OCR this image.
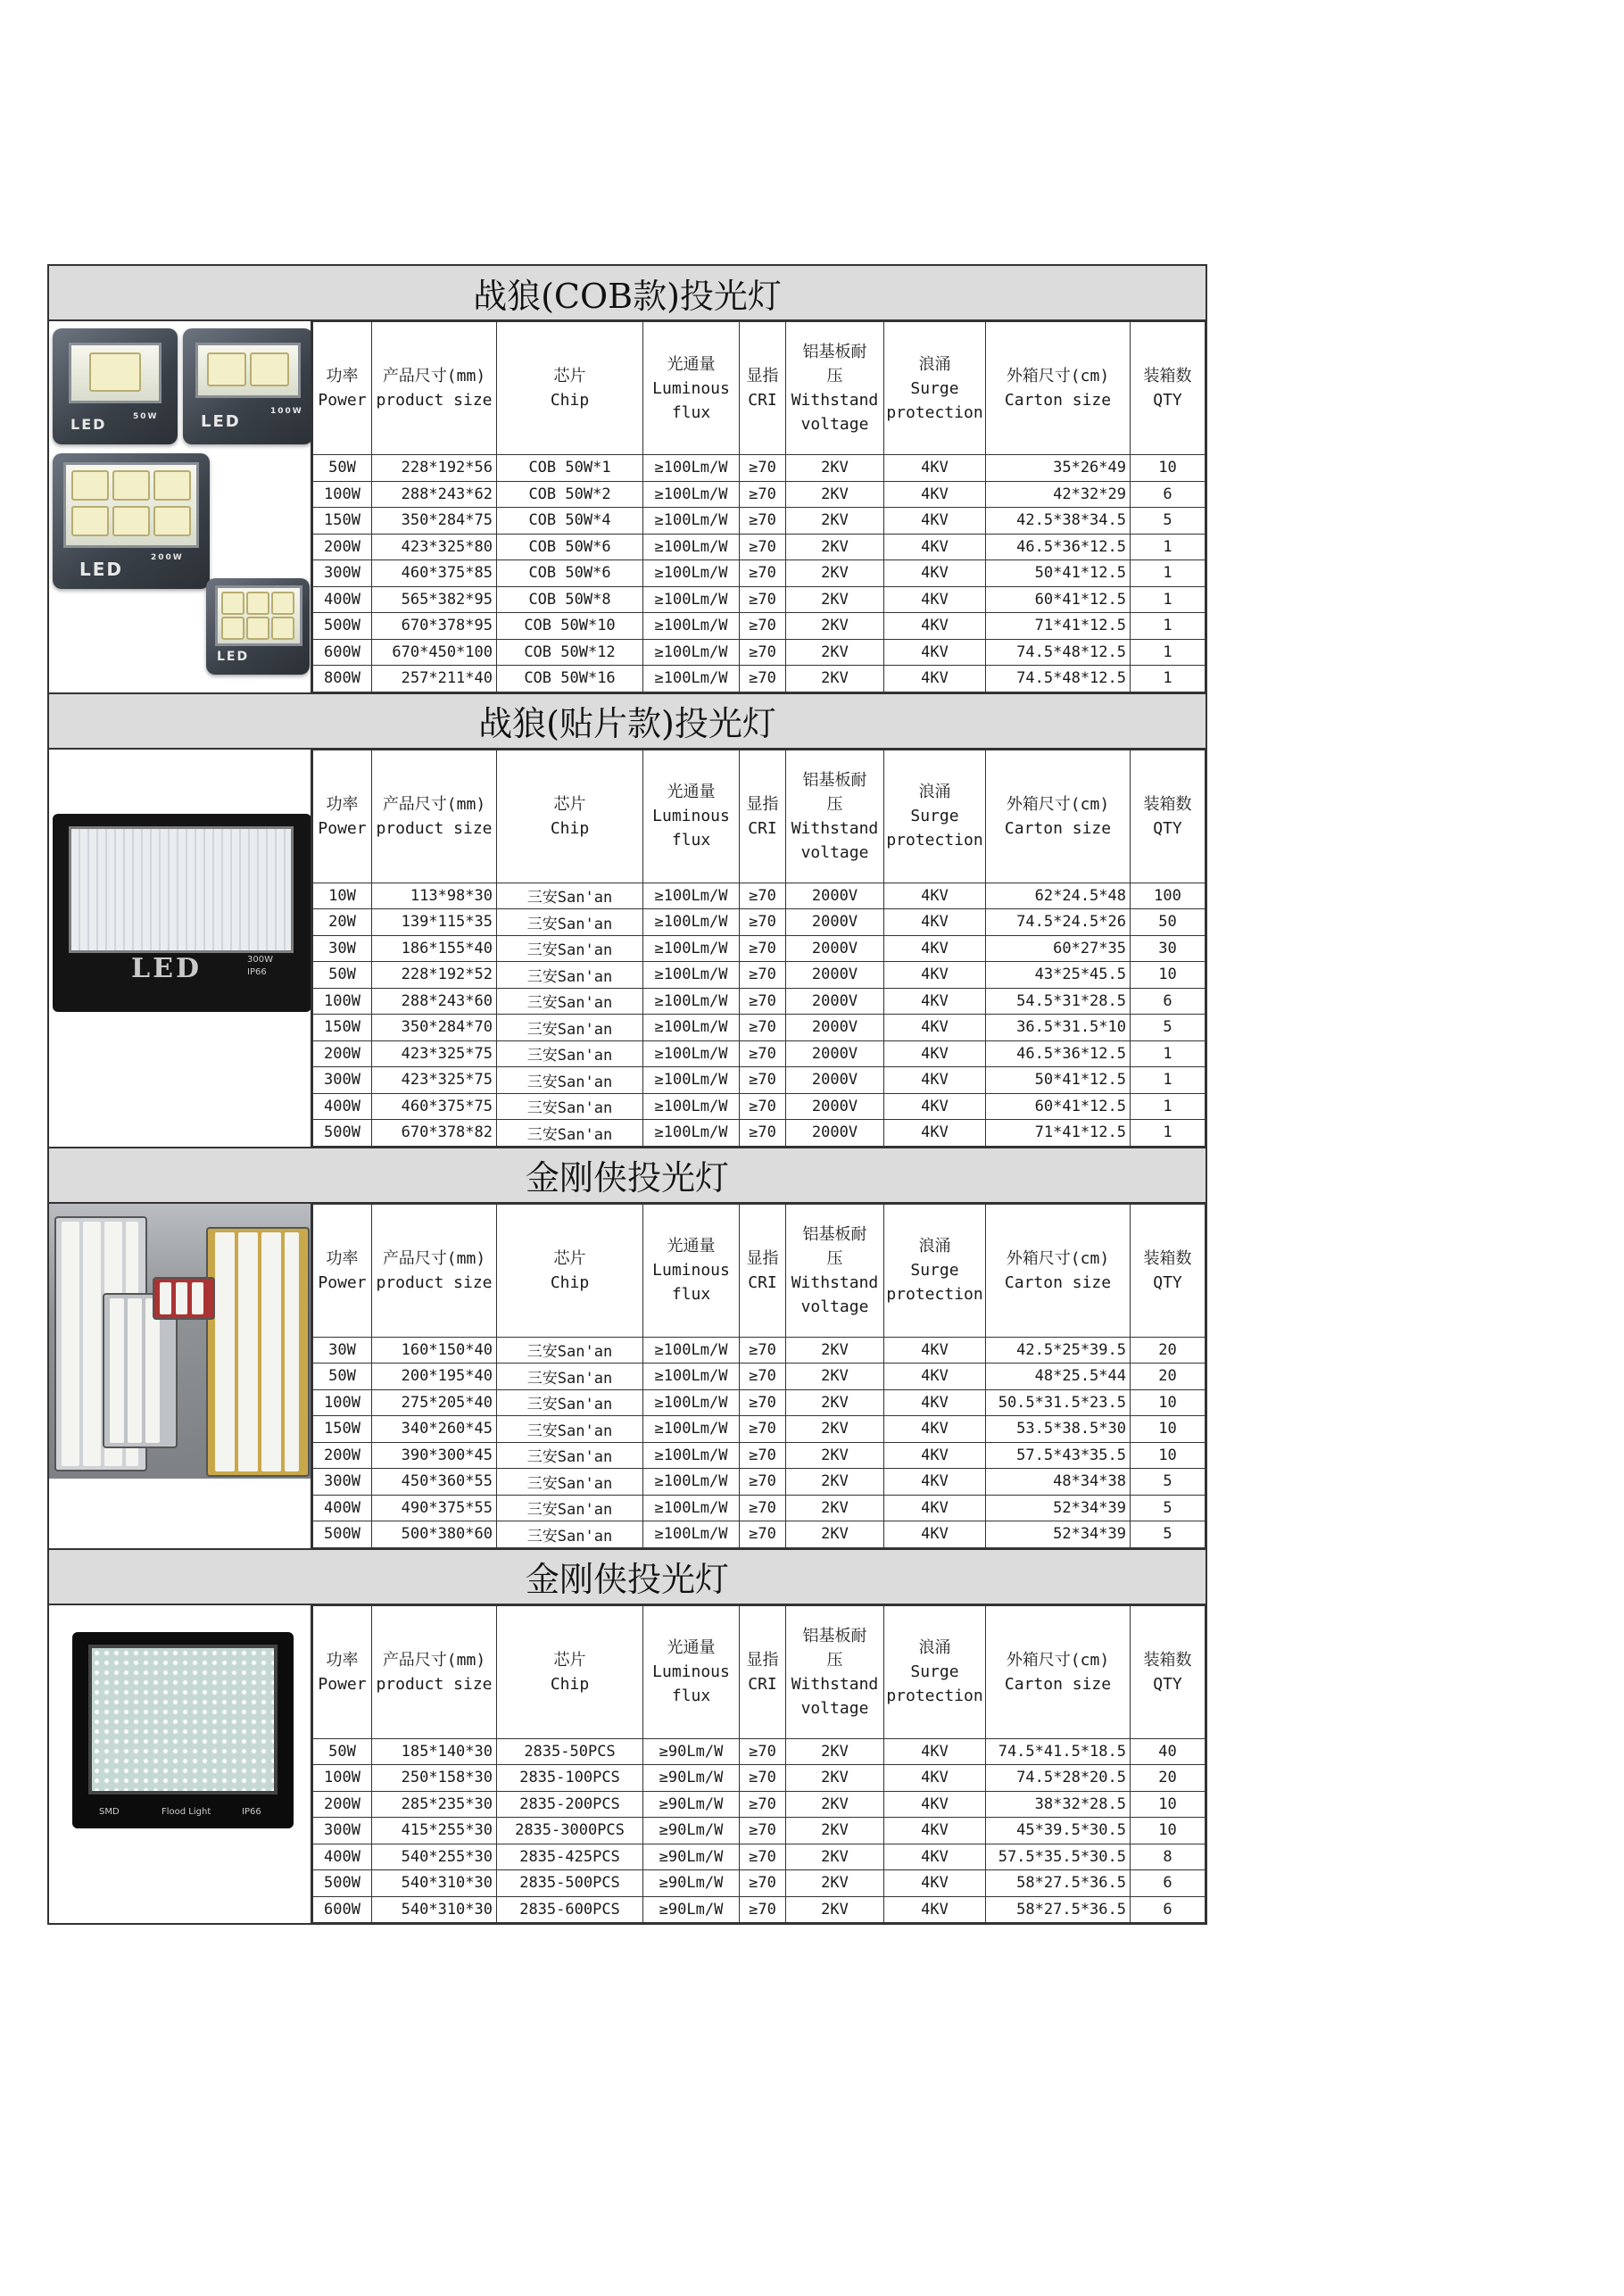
战狼(COB款)投光灯
LED	50W	LED
100W
LED
200W
LED
功率
Power	产品尺寸(mm)
product size	芯片
Chip	光通量
Luminous
flux	显指
CRI	铝基板耐
压
Withstand
voltage	浪涌
Surge
protection	外箱尺寸(cm)
Carton size	装箱数
QTY

50W	228*192*56	COB 50W*1	≥100Lm/W	≥70	2KV	4KV	35*26*49	10
100W	288*243*62	COB 50W*2	≥100Lm/W	≥70	2KV	4KV	42*32*29	6
150W	350*284*75	COB 50W*4	≥100Lm/W	≥70	2KV	4KV	42.5*38*34.5	5
200W	423*325*80	COB 50W*6	≥100Lm/W	≥70	2KV	4KV	46.5*36*12.5	1
300W	460*375*85	COB 50W*6	≥100Lm/W	≥70	2KV	4KV	50*41*12.5	1
400W	565*382*95	COB 50W*8	≥100Lm/W	≥70	2KV	4KV	60*41*12.5	1
500W	670*378*95	COB 50W*10	≥100Lm/W	≥70	2KV	4KV	71*41*12.5	1
600W	670*450*100	COB 50W*12	≥100Lm/W	≥70	2KV	4KV	74.5*48*12.5	1
800W	257*211*40	COB 50W*16	≥100Lm/W	≥70	2KV	4KV	74.5*48*12.5	1
战狼(贴片款)投光灯
LED	300W
IP66
功率
Power	产品尺寸(mm)
product size	芯片
Chip	光通量
Luminous
flux	显指
CRI	铝基板耐
压
Withstand
voltage	浪涌
Surge
protection	外箱尺寸(cm)
Carton size	装箱数
QTY

10W	113*98*30	三安San'an	≥100Lm/W	≥70	2000V	4KV	62*24.5*48	100
20W	139*115*35	三安San'an	≥100Lm/W	≥70	2000V	4KV	74.5*24.5*26	50
30W	186*155*40	三安San'an	≥100Lm/W	≥70	2000V	4KV	60*27*35	30
50W	228*192*52	三安San'an	≥100Lm/W	≥70	2000V	4KV	43*25*45.5	10
100W	288*243*60	三安San'an	≥100Lm/W	≥70	2000V	4KV	54.5*31*28.5	6
150W	350*284*70	三安San'an	≥100Lm/W	≥70	2000V	4KV	36.5*31.5*10	5
200W	423*325*75	三安San'an	≥100Lm/W	≥70	2000V	4KV	46.5*36*12.5	1
300W	423*325*75	三安San'an	≥100Lm/W	≥70	2000V	4KV	50*41*12.5	1
400W	460*375*75	三安San'an	≥100Lm/W	≥70	2000V	4KV	60*41*12.5	1
500W	670*378*82	三安San'an	≥100Lm/W	≥70	2000V	4KV	71*41*12.5	1
金刚侠投光灯
功率
Power	产品尺寸(mm)
product size	芯片
Chip	光通量
Luminous
flux	显指
CRI	铝基板耐
压
Withstand
voltage	浪涌
Surge
protection	外箱尺寸(cm)
Carton size	装箱数
QTY

30W	160*150*40	三安San'an	≥100Lm/W	≥70	2KV	4KV	42.5*25*39.5	20
50W	200*195*40	三安San'an	≥100Lm/W	≥70	2KV	4KV	48*25.5*44	20
100W	275*205*40	三安San'an	≥100Lm/W	≥70	2KV	4KV	50.5*31.5*23.5	10
150W	340*260*45	三安San'an	≥100Lm/W	≥70	2KV	4KV	53.5*38.5*30	10
200W	390*300*45	三安San'an	≥100Lm/W	≥70	2KV	4KV	57.5*43*35.5	10
300W	450*360*55	三安San'an	≥100Lm/W	≥70	2KV	4KV	48*34*38	5
400W	490*375*55	三安San'an	≥100Lm/W	≥70	2KV	4KV	52*34*39	5
500W	500*380*60	三安San'an	≥100Lm/W	≥70	2KV	4KV	52*34*39	5
金刚侠投光灯
SMD	Flood Light	IP66
功率
Power	产品尺寸(mm)
product size	芯片
Chip	光通量
Luminous
flux	显指
CRI	铝基板耐
压
Withstand
voltage	浪涌
Surge
protection	外箱尺寸(cm)
Carton size	装箱数
QTY

50W	185*140*30	2835-50PCS	≥90Lm/W	≥70	2KV	4KV	74.5*41.5*18.5	40
100W	250*158*30	2835-100PCS	≥90Lm/W	≥70	2KV	4KV	74.5*28*20.5	20
200W	285*235*30	2835-200PCS	≥90Lm/W	≥70	2KV	4KV	38*32*28.5	10
300W	415*255*30	2835-3000PCS	≥90Lm/W	≥70	2KV	4KV	45*39.5*30.5	10
400W	540*255*30	2835-425PCS	≥90Lm/W	≥70	2KV	4KV	57.5*35.5*30.5	8
500W	540*310*30	2835-500PCS	≥90Lm/W	≥70	2KV	4KV	58*27.5*36.5	6
600W	540*310*30	2835-600PCS	≥90Lm/W	≥70	2KV	4KV	58*27.5*36.5	6
